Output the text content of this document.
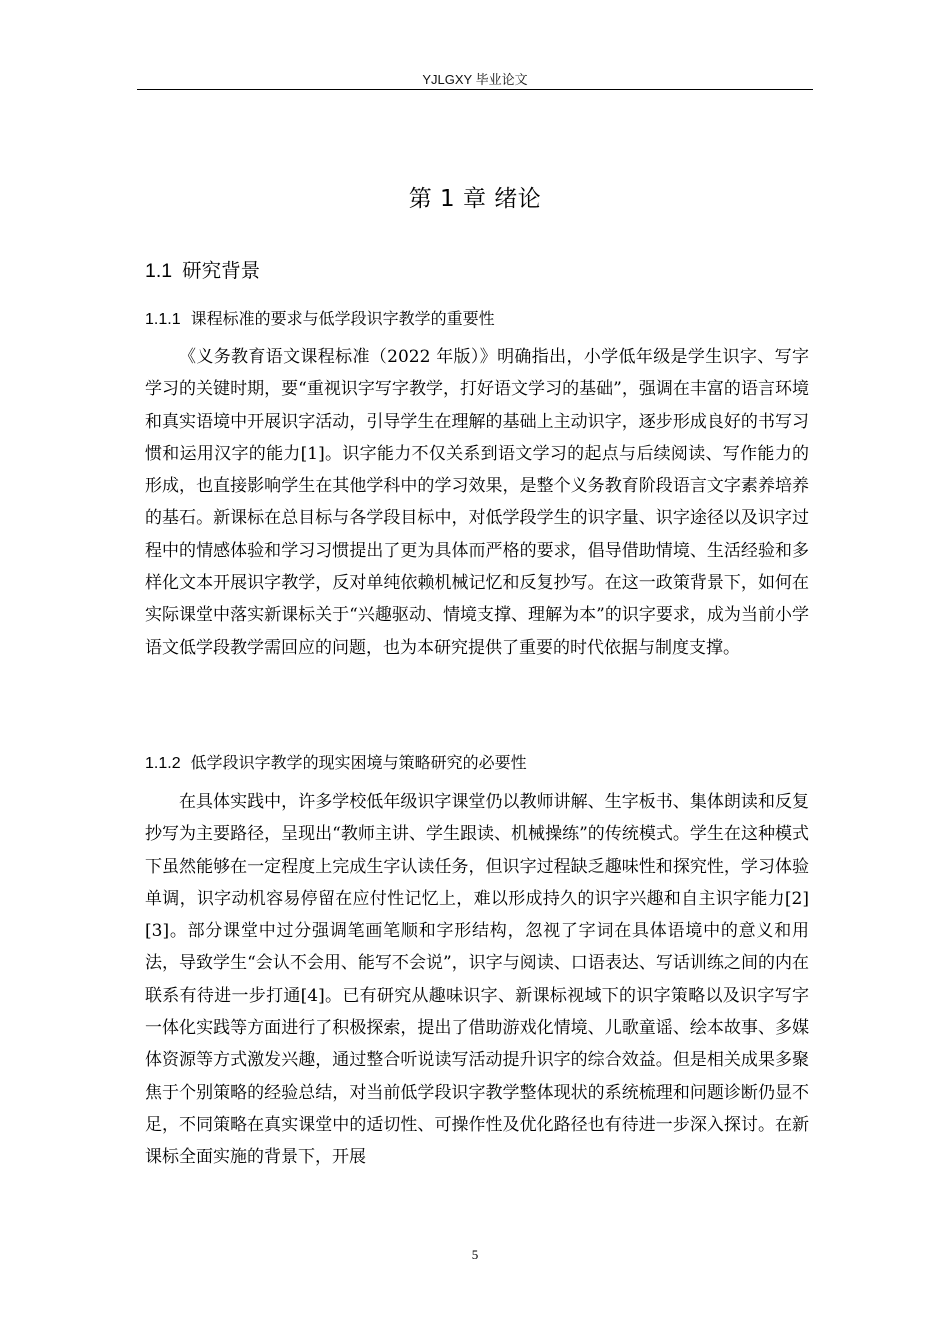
YJLGXY 毕业论文
第 1 章 绪论
1.1 研究背景
1.1.1 课程标准的要求与低学段识字教学的重要性

《义务教育语文课程标准（2022 年版）》明确指出，小学低年级是学生识字、写字学习的关键时期，要“重视识字写字教学，打好语文学习的基础”，强调在丰富的语言环境和真实语境中开展识字活动，引导学生在理解的基础上主动识字，逐步形成良好的书写习惯和运用汉字的能力[1]。识字能力不仅关系到语文学习的起点与后续阅读、写作能力的形成，也直接影响学生在其他学科中的学习效果，是整个义务教育阶段语言文字素养培养的基石。新课标在总目标与各学段目标中，对低学段学生的识字量、识字途径以及识字过程中的情感体验和学习习惯提出了更为具体而严格的要求，倡导借助情境、生活经验和多样化文本开展识字教学，反对单纯依赖机械记忆和反复抄写。在这一政策背景下，如何在实际课堂中落实新课标关于“兴趣驱动、情境支撑、理解为本”的识字要求，成为当前小学语文低学段教学需回应的问题，也为本研究提供了重要的时代依据与制度支撑。

1.1.2 低学段识字教学的现实困境与策略研究的必要性

在具体实践中，许多学校低年级识字课堂仍以教师讲解、生字板书、集体朗读和反复抄写为主要路径，呈现出“教师主讲、学生跟读、机械操练”的传统模式。学生在这种模式下虽然能够在一定程度上完成生字认读任务，但识字过程缺乏趣味性和探究性，学习体验单调，识字动机容易停留在应付性记忆上，难以形成持久的识字兴趣和自主识字能力[2][3]。部分课堂中过分强调笔画笔顺和字形结构，忽视了字词在具体语境中的意义和用法，导致学生“会认不会用、能写不会说”，识字与阅读、口语表达、写话训练之间的内在联系有待进一步打通[4]。已有研究从趣味识字、新课标视域下的识字策略以及识字写字一体化实践等方面进行了积极探索，提出了借助游戏化情境、儿歌童谣、绘本故事、多媒体资源等方式激发兴趣，通过整合听说读写活动提升识字的综合效益。但是相关成果多聚焦于个别策略的经验总结，对当前低学段识字教学整体现状的系统梳理和问题诊断仍显不足，不同策略在真实课堂中的适切性、可操作性及优化路径也有待进一步深入探讨。在新课标全面实施的背景下，开展

5
